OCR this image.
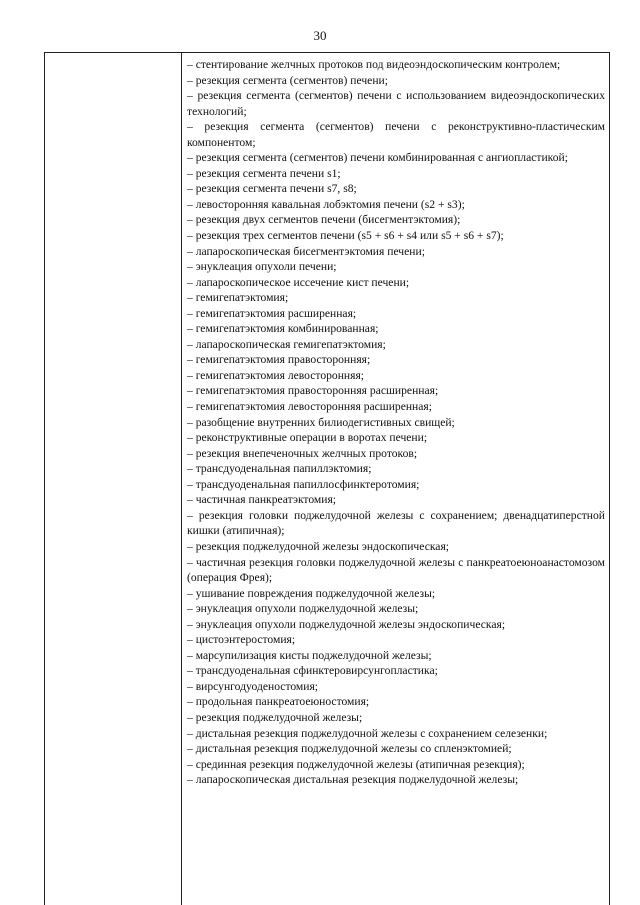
30

– стентирование желчных протоков под видеоэндоскопическим контролем;
– резекция сегмента (сегментов) печени;
– резекция сегмента (сегментов) печени с использованием видеоэндоскопических технологий;
– резекция сегмента (сегментов) печени с реконструктивно-пластическим компонентом;
– резекция сегмента (сегментов) печени комбинированная с ангиопластикой;
– резекция сегмента печени s1;
– резекция сегмента печени s7, s8;
– левосторонняя кавальная лобэктомия печени (s2 + s3);
– резекция двух сегментов печени (бисегментэктомия);
– резекция трех сегментов печени (s5 + s6 + s4 или s5 + s6 + s7);
– лапароскопическая бисегментэктомия печени;
– энуклеация опухоли печени;
– лапароскопическое иссечение кист печени;
– гемигепатэктомия;
– гемигепатэктомия расширенная;
– гемигепатэктомия комбинированная;
– лапароскопическая гемигепатэктомия;
– гемигепатэктомия правосторонняя;
– гемигепатэктомия левосторонняя;
– гемигепатэктомия правосторонняя расширенная;
– гемигепатэктомия левосторонняя расширенная;
– разобщение внутренних билиодегистивных свищей;
– реконструктивные операции в воротах печени;
– резекция внепеченочных желчных протоков;
– трансдуоденальная папиллэктомия;
– трансдуоденальная папиллосфинктеротомия;
– частичная панкреатэктомия;
– резекция головки поджелудочной железы с сохранением; двенадцатиперстной кишки (атипичная);
– резекция поджелудочной железы эндоскопическая;
– частичная резекция головки поджелудочной железы с панкреатоеюноанастомозом (операция Фрея);
– ушивание повреждения поджелудочной железы;
– энуклеация опухоли поджелудочной железы;
– энуклеация опухоли поджелудочной железы эндоскопическая;
– цистоэнтеростомия;
– марсупилизация кисты поджелудочной железы;
– трансдуоденальная сфинктеровирсунгопластика;
– вирсунгодуоденостомия;
– продольная панкреатоеюностомия;
– резекция поджелудочной железы;
– дистальная резекция поджелудочной железы с сохранением селезенки;
– дистальная резекция поджелудочной железы со спленэктомией;
– срединная резекция поджелудочной железы (атипичная резекция);
– лапароскопическая дистальная резекция поджелудочной железы;
